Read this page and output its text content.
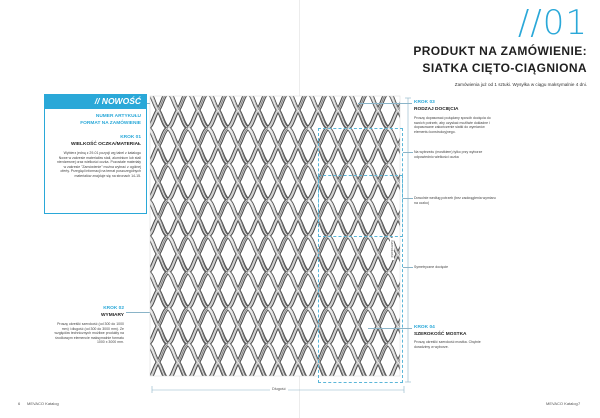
//01
PRODUKT NA ZAMÓWIENIE:
SIATKA CIĘTO-CIĄGNIONA
Zamówienia już od 1 sztuki. Wysyłka w ciągu maksymalnie 4 dni.
// NOWOŚĆ
NUMER ARTYKUŁU
FORMAT NA ZAMÓWIENIE
KROK 01
WIELKOŚĆ OCZKA/MATERIAŁ
Wybierz jedną z 29-01 pozycji wg tabel z katalogu Nowe w zakresie materiałów stali, aluminium lub stali nierdzewnej oraz wielkości oczka. Pozostałe materiały w zakresie "Zamówienie" można wybrać z ogólnej oferty. Przegląd informacji na temat poszczególnych materiałów znajduje się na stronach 14-15.
KROK 02
WYMIARY
Proszę określić szerokość (od 300 do 1000 mm) i długość (od 300 do 3000 mm). Ze względów technicznych możliwe produkty na środkowym elemencie maksymalnie formatu 1000 x 3000 mm.
Szerokość
Długość
KROK 03
RODZAJ DOCIĘCIA
Proszę dopasować pożądany sposób docięcia do swoich potrzeb, aby uzyskać możliwie dokładne i dopasowane zakończenie siatki do wymiarów elementu konstrukcyjnego.
Na wybrzeżu (mostkiem) tylko przy wyborze odpowiednio wielkości oczka
Dowolnie według potrzeb (bez zaokrąglenia wymiaru na oczko)
Symetryczne docięcie
KROK 04
SZEROKOŚĆ MOSTKA
Proszę określić szerokość mostka. Chętnie doradzimy w wyborze.
6 MEVACO Katalog	MEVACO Katalog 7
